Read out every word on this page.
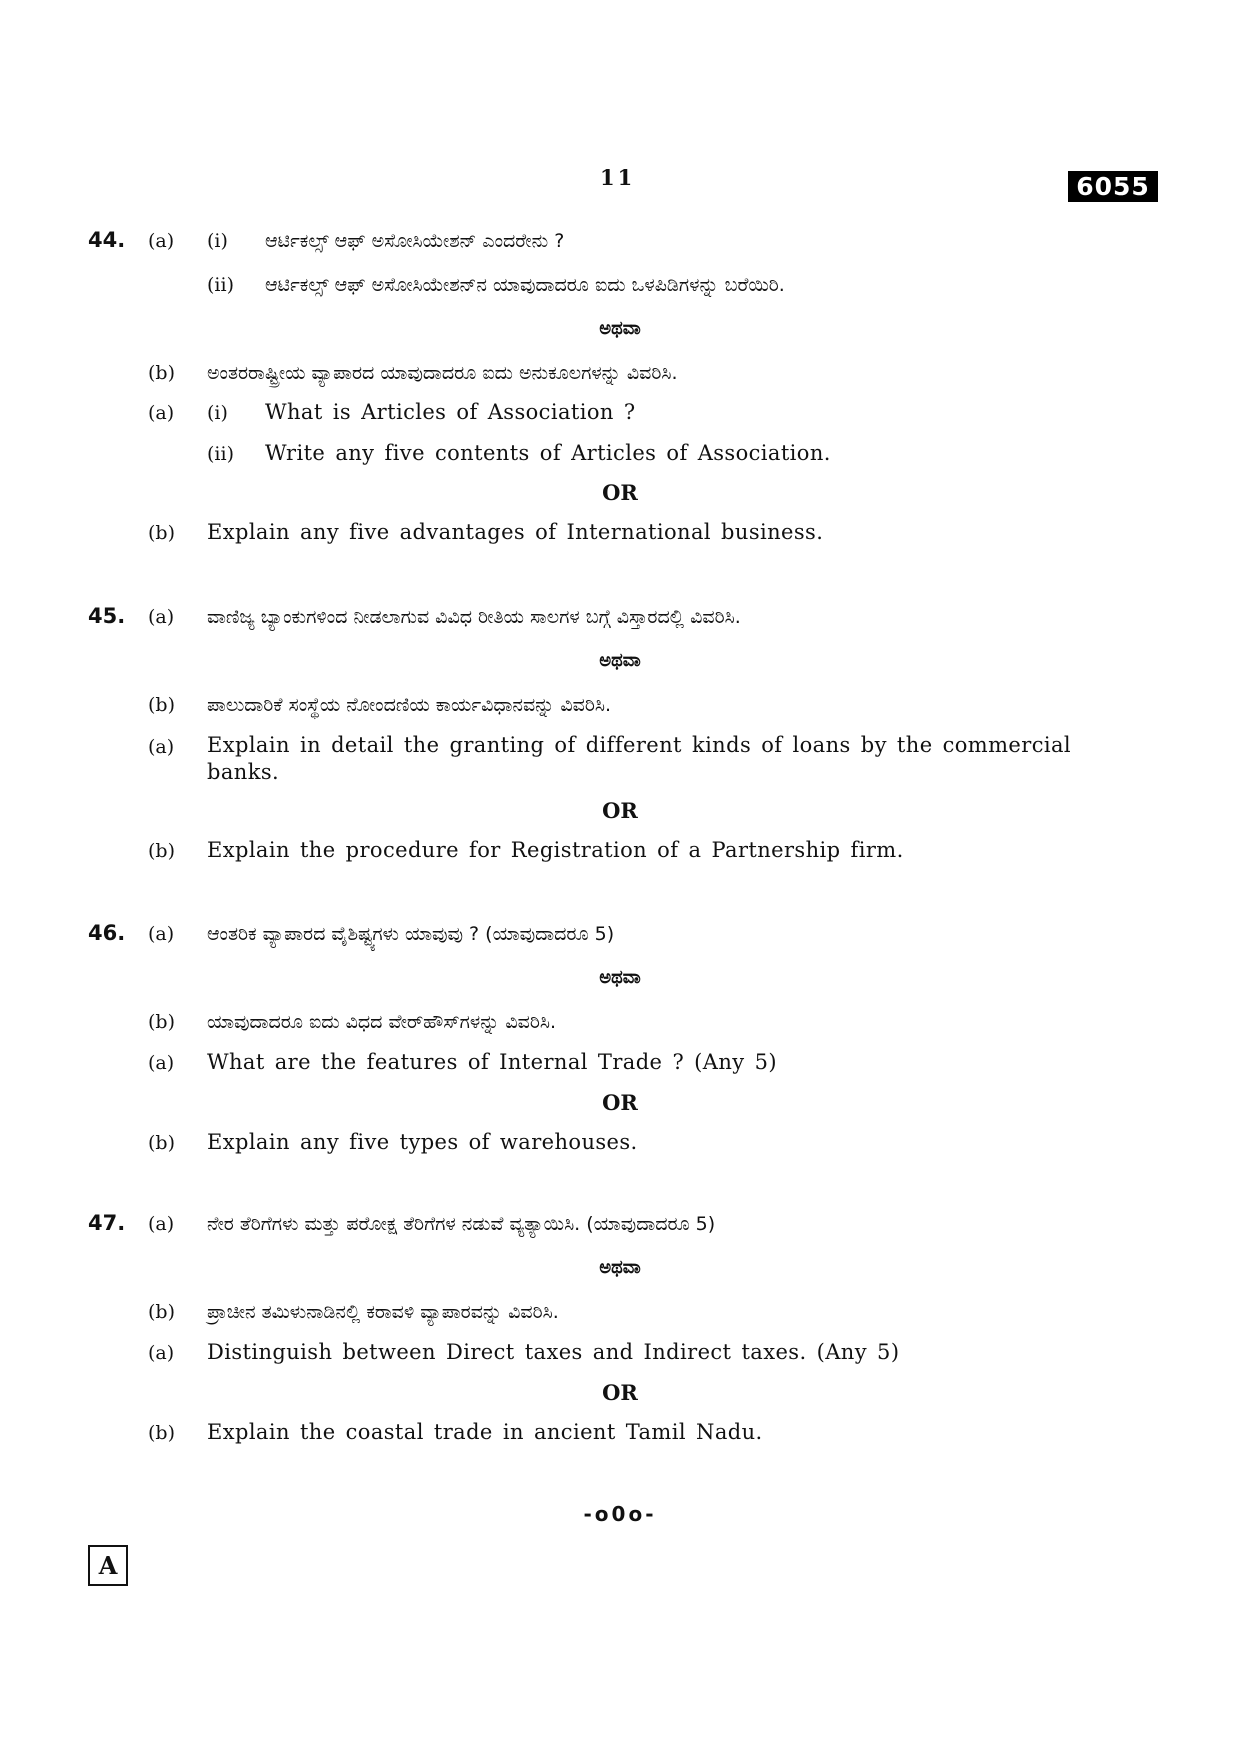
11	6055
44. (a) (i) ಆರ್ಟಿಕಲ್ಸ್ ಆಫ್ ಅಸೋಸಿಯೇಶನ್ ಎಂದರೇನು ?
(ii) ಆರ್ಟಿಕಲ್ಸ್ ಆಫ್ ಅಸೋಸಿಯೇಶನ್‌ನ ಯಾವುದಾದರೂ ಐದು ಒಳಪಿಡಿಗಳನ್ನು ಬರೆಯಿರಿ.
ಅಥವಾ
(b) ಅಂತರರಾಷ್ಟ್ರೀಯ ವ್ಯಾಪಾರದ ಯಾವುದಾದರೂ ಐದು ಅನುಕೂಲಗಳನ್ನು ವಿವರಿಸಿ.
(a) (i) What is Articles of Association ?
(ii) Write any five contents of Articles of Association.
OR
(b) Explain any five advantages of International business.
45. (a) ವಾಣಿಜ್ಯ ಬ್ಯಾಂಕುಗಳಿಂದ ನೀಡಲಾಗುವ ವಿವಿಧ ರೀತಿಯ ಸಾಲಗಳ ಬಗ್ಗೆ ವಿಸ್ತಾರದಲ್ಲಿ ವಿವರಿಸಿ.
ಅಥವಾ
(b) ಪಾಲುದಾರಿಕೆ ಸಂಸ್ಥೆಯ ನೋಂದಣಿಯ ಕಾರ್ಯವಿಧಾನವನ್ನು ವಿವರಿಸಿ.
(a) Explain in detail the granting of different kinds of loans by the commercial banks.
OR
(b) Explain the procedure for Registration of a Partnership firm.
46. (a) ಆಂತರಿಕ ವ್ಯಾಪಾರದ ವೈಶಿಷ್ಟ್ಯಗಳು ಯಾವುವು ? (ಯಾವುದಾದರೂ 5)
ಅಥವಾ
(b) ಯಾವುದಾದರೂ ಐದು ವಿಧದ ವೇರ್‌ಹೌಸ್‌ಗಳನ್ನು ವಿವರಿಸಿ.
(a) What are the features of Internal Trade ? (Any 5)
OR
(b) Explain any five types of warehouses.
47. (a) ನೇರ ತೆರಿಗೆಗಳು ಮತ್ತು ಪರೋಕ್ಷ ತೆರಿಗೆಗಳ ನಡುವೆ ವ್ಯತ್ಯಾಯಿಸಿ. (ಯಾವುದಾದರೂ 5)
ಅಥವಾ
(b) ಪ್ರಾಚೀನ ತಮಿಳುನಾಡಿನಲ್ಲಿ ಕರಾವಳಿ ವ್ಯಾಪಾರವನ್ನು ವಿವರಿಸಿ.
(a) Distinguish between Direct taxes and Indirect taxes. (Any 5)
OR
(b) Explain the coastal trade in ancient Tamil Nadu.
-o0o-
A
